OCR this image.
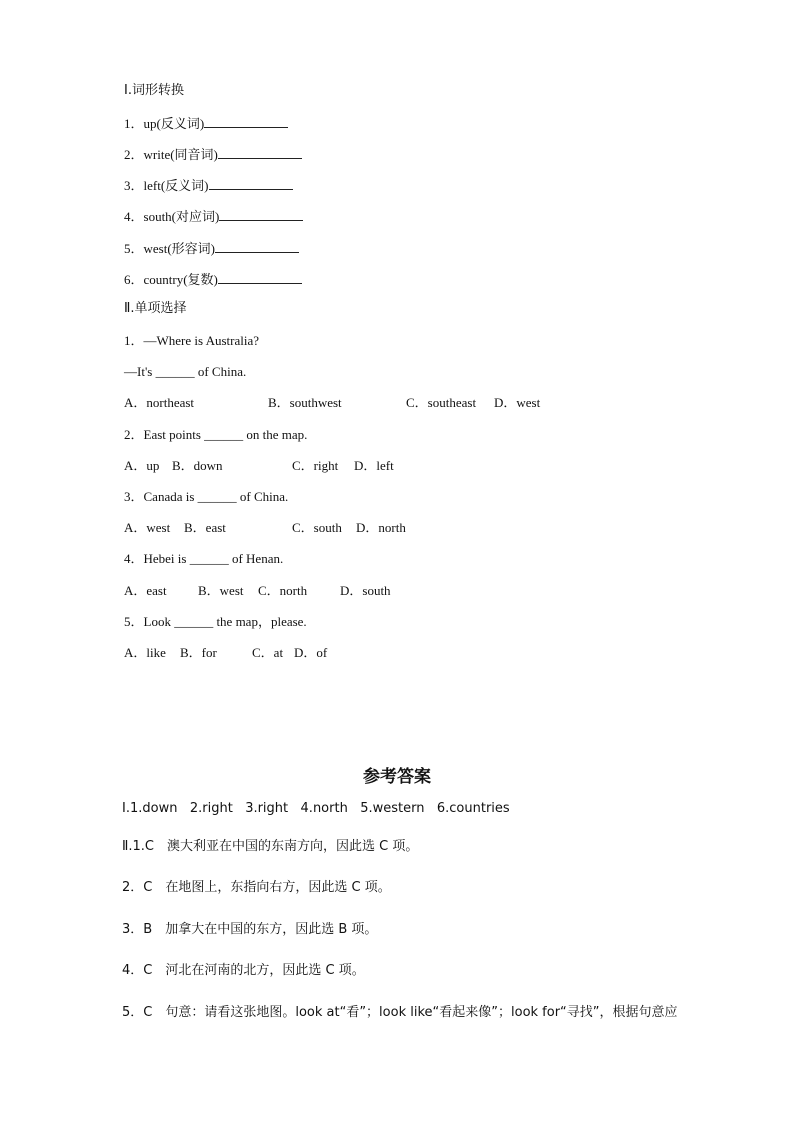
Ⅰ.词形转换
1．up(反义词)
2．write(同音词)
3．left(反义词)
4．south(对应词)
5．west(形容词)
6．country(复数)
Ⅱ.单项选择
1．—Where is Australia?
—It's ______ of China.
A．northeast	B．southwest	C．southeast D．west
2．East points ______ on the map.
A．up B．down	C．right D．left
3．Canada is ______ of China.
A．west B．east	C．south D．north
4．Hebei is ______ of Henan.
A．east B．west C．north	D．south
5．Look ______ the map，please.
A．like B．for	C．at D．of
参考答案
Ⅰ.1.down   2.right   3.right   4.north   5.western   6.countries
Ⅱ.1.C　澳大利亚在中国的东南方向，因此选 C 项。
2．C　在地图上，东指向右方，因此选 C 项。
3．B　加拿大在中国的东方，因此选 B 项。
4．C　河北在河南的北方，因此选 C 项。
5．C　句意：请看这张地图。look at“看”；look like“看起来像”；look for“寻找”，根据句意应
